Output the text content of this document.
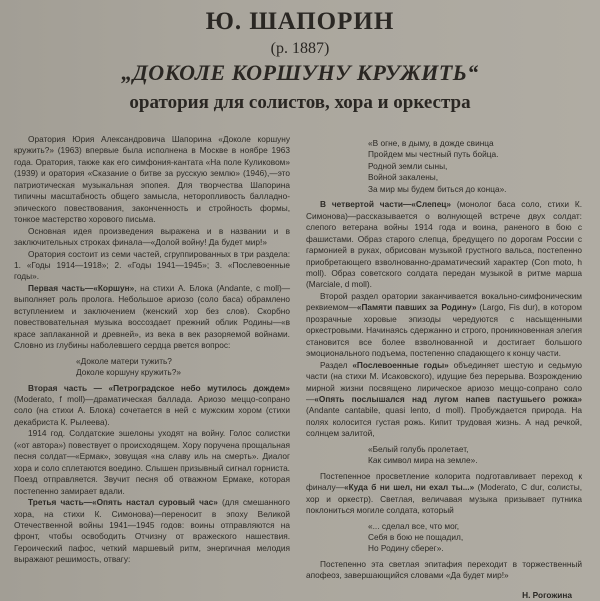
Ю. ШАПОРИН
(р. 1887)
„ДОКОЛЕ КОРШУНУ КРУЖИТЬ“
оратория для солистов, хора и оркестра

Оратория Юрия Александровича Шапорина «Доколе коршуну кружить?» (1963) впервые была исполнена в Москве в ноябре 1963 года. Оратория, также как его симфония-кантата «На поле Куликовом» (1939) и оратория «Сказание о битве за русскую землю» (1946),—это патриотическая музыкальная эпопея. Для творчества Шапорина типичны масштабность общего замысла, неторопливость балладно-эпического повествования, законченность и стройность формы, тонкое мастерство хорового письма.

Основная идея произведения выражена и в названии и в заключительных строках финала—«Долой войну! Да будет мир!»

Оратория состоит из семи частей, сгруппированных в три раздела: 1. «Годы 1914—1918»; 2. «Годы 1941—1945»; 3. «Послевоенные годы».

Первая часть—«Коршун», на стихи А. Блока (Andante, c moll)—выполняет роль пролога. Небольшое ариозо (соло баса) обрамлено вступлением и заключением (женский хор без слов). Скорбно повествовательная музыка воссоздает прежний облик Родины—«в красе заплаканной и древней», из века в век разоряемой войнами. Словно из глубины наболевшего сердца рвется вопрос:

«Доколе матери тужить?

Доколе коршуну кружить?»

Вторая часть — «Петроградское небо мутилось дождем» (Moderato, f moll)—драматическая баллада. Ариозо меццо-сопрано соло (на стихи А. Блока) сочетается в ней с мужским хором (стихи декабриста К. Рылеева).

1914 год. Солдатские эшелоны уходят на войну. Голос солистки («от автора») повествует о происходящем. Хору поручена прощальная песня солдат—«Ермак», зовущая «на славу иль на смерть». Диалог хора и соло сплетаются воедино. Слышен призывный сигнал горниста. Поезд отправляется. Звучит песня об отважном Ермаке, которая постепенно замирает вдали.

Третья часть—«Опять настал суровый час» (для смешанного хора, на стихи К. Симонова)—переносит в эпоху Великой Отечественной войны 1941—1945 годов: воины отправляются на фронт, чтобы освободить Отчизну от вражеского нашествия. Героический пафос, четкий маршевый ритм, энергичная мелодия выражают решимость, отвагу:

«В огне, в дыму, в дожде свинца

Пройдем мы честный путь бойца.

Родной земли сыны,

Войной закалены,

За мир мы будем биться до конца».

В четвертой части—«Слепец» (монолог баса соло, стихи К. Симонова)—рассказывается о волнующей встрече двух солдат: слепого ветерана войны 1914 года и воина, раненого в бою с фашистами. Образ старого слепца, бредущего по дорогам России с гармонией в руках, обрисован музыкой грустного вальса, постепенно приобретающего взволнованно-драматический характер (Con moto, h moll). Образ советского солдата передан музыкой в ритме марша (Marciale, d moll).

Второй раздел оратории заканчивается вокально-симфоническим реквиемом—«Памяти павших за Родину» (Largo, Fis dur), в котором прозрачные хоровые эпизоды чередуются с насыщенными оркестровыми. Начинаясь сдержанно и строго, проникновенная элегия становится все более взволнованной и достигает большого эмоционального подъема, постепенно спадающего к концу части.

Раздел «Послевоенные годы» объединяет шестую и седьмую части (на стихи М. Исаковского), идущие без перерыва. Возрождению мирной жизни посвящено лирическое ариозо меццо-сопрано соло—«Опять послышался над лугом напев пастушьего рожка» (Andante cantabile, quasi lento, d moll). Пробуждается природа. На полях колосится густая рожь. Кипит трудовая жизнь. А над речкой, солнцем залитой,

«Белый голубь пролетает,

Как символ мира на земле».

Постепенное просветление колорита подготавливает переход к финалу—«Куда б ни шел, ни ехал ты...» (Moderato, C dur, солисты, хор и оркестр). Светлая, величавая музыка призывает путника поклониться могиле солдата, который

«... сделал все, что мог,

Себя в бою не пощадил,

Но Родину сберег».

Постепенно эта светлая эпитафия переходит в торжественный апофеоз, завершающийся словами «Да будет мир!»

Н. Рогожина
